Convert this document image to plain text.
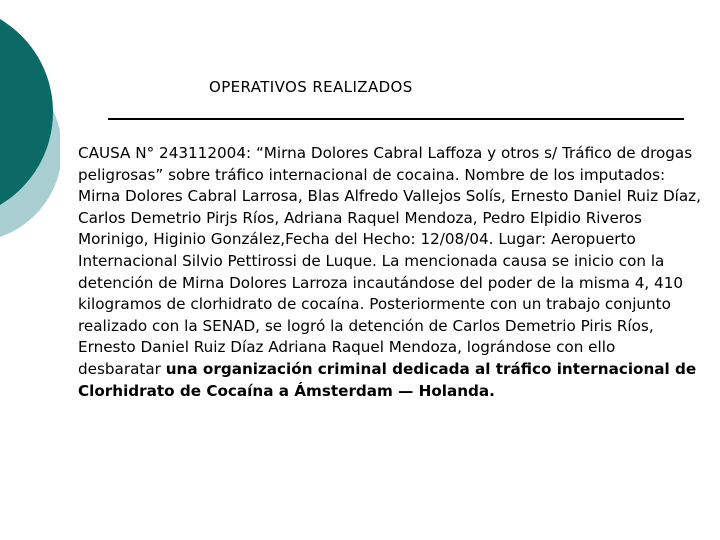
OPERATIVOS REALIZADOS

CAUSA N° 243112004: “Mirna Dolores Cabral Laffoza y otros s/ Tráfico de drogas peligrosas” sobre tráfico internacional de cocaina. Nombre de los imputados: Mirna Dolores Cabral Larrosa, Blas Alfredo Vallejos Solís, Ernesto Daniel Ruiz Díaz, Carlos Demetrio Pirjs Ríos, Adriana Raquel Mendoza, Pedro Elpidio Riveros Morinigo, Higinio González,Fecha del Hecho: 12/08/04. Lugar: Aeropuerto Internacional Silvio Pettirossi de Luque. La mencionada causa se inicio con la detención de Mirna Dolores Larroza incautándose del poder de la misma 4, 410 kilogramos de clorhidrato de cocaína. Posteriormente con un trabajo conjunto realizado con la SENAD, se logró la detención de Carlos Demetrio Piris Ríos, Ernesto Daniel Ruiz Díaz Adriana Raquel Mendoza, lográndose con ello desbaratar una organización criminal dedicada al tráfico internacional de Clorhidrato de Cocaína a Ámsterdam — Holanda.
